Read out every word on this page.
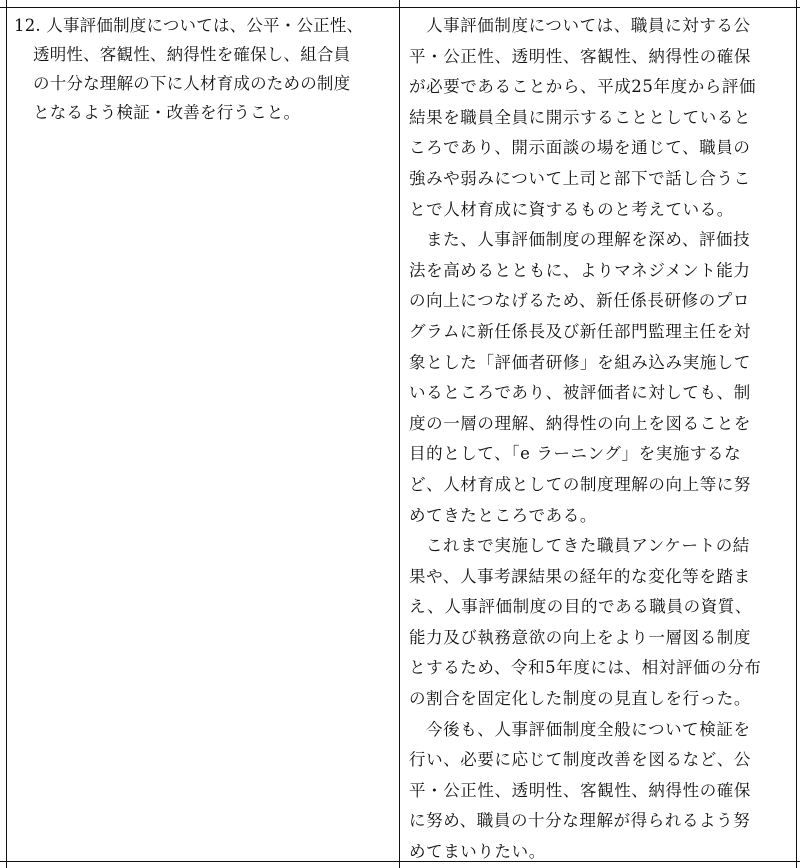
12. 人事評価制度については、公平・公正性、
透明性、客観性、納得性を確保し、組合員
の十分な理解の下に人材育成のための制度
となるよう検証・改善を行うこと。
人事評価制度については、職員に対する公
平・公正性、透明性、客観性、納得性の確保
が必要であることから、平成25年度から評価
結果を職員全員に開示することとしていると
ころであり、開示面談の場を通じて、職員の
強みや弱みについて上司と部下で話し合うこ
とで人材育成に資するものと考えている。
また、人事評価制度の理解を深め、評価技
法を高めるとともに、よりマネジメント能力
の向上につなげるため、新任係長研修のプロ
グラムに新任係長及び新任部門監理主任を対
象とした「評価者研修」を組み込み実施して
いるところであり、被評価者に対しても、制
度の一層の理解、納得性の向上を図ることを
目的として、「e ラーニング」を実施するな
ど、人材育成としての制度理解の向上等に努
めてきたところである。
これまで実施してきた職員アンケートの結
果や、人事考課結果の経年的な変化等を踏ま
え、人事評価制度の目的である職員の資質、
能力及び執務意欲の向上をより一層図る制度
とするため、令和5年度には、相対評価の分布
の割合を固定化した制度の見直しを行った。
今後も、人事評価制度全般について検証を
行い、必要に応じて制度改善を図るなど、公
平・公正性、透明性、客観性、納得性の確保
に努め、職員の十分な理解が得られるよう努
めてまいりたい。
